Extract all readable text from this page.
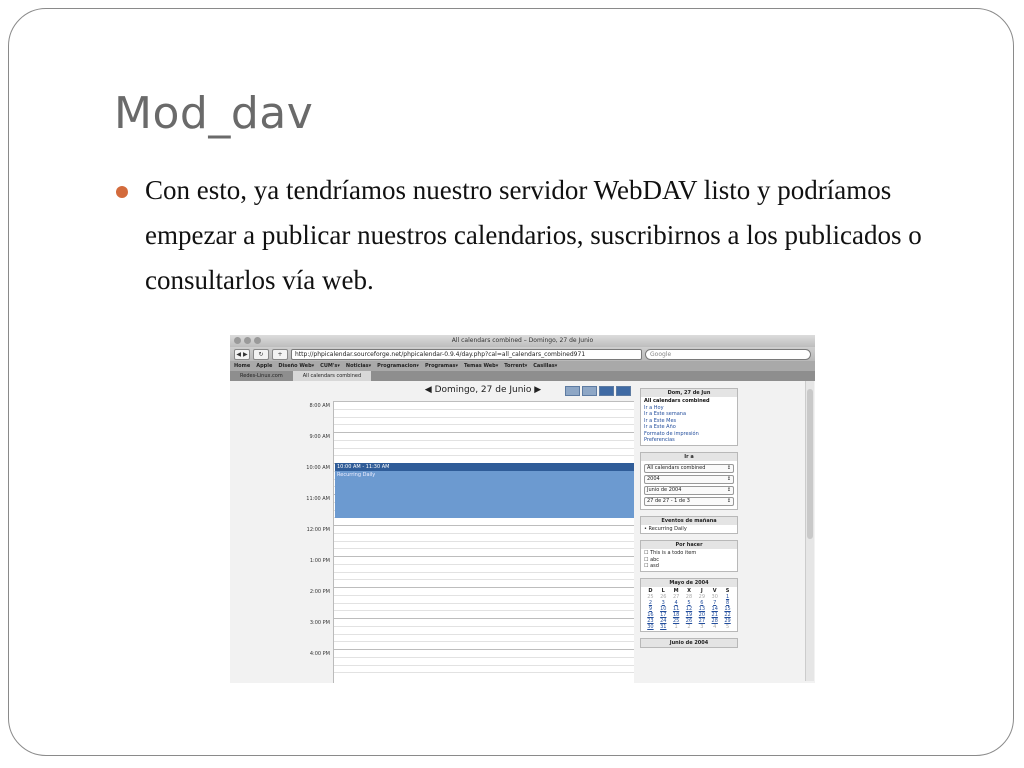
Mod_dav

Con esto, ya tendríamos nuestro servidor WebDAV listo y podríamos empezar a publicar nuestros calendarios, suscribirnos a los publicados o consultarlos vía web.

All calendars combined – Domingo, 27 de Junio
◀ ▶	↻	+	http://phpicalendar.sourceforge.net/phpicalendar-0.9.4/day.php?cal=all_calendars_combined971	Google
Home Apple Diseño Web▾ CUM's▾ Noticias▾ Programacion▾ Programas▾ Temas Web▾ Torrent▾ Casillas▾
Redes-Linux.com	All calendars combined
◀ Domingo, 27 de Junio ▶
8:00 AM
9:00 AM
10:00 AM
11:00 AM
12:00 PM
1:00 PM
2:00 PM
3:00 PM
4:00 PM
10:00 AM - 11:30 AM
Recurring Daily
Dom, 27 de Jun
All calendars combined
Ir a Hoy
Ir a Este semana
Ir a Este Mes
Ir a Este Año
Formato de impresión
Preferencias
Ir a
All calendars combined ↕
2004 ↕
Junio de 2004 ↕
27 de 27 - 1 de 3 ↕
Eventos de mañana
• Recurring Daily
Por hacer
☐ This is a todo item
☐ abc
☐ asd
Mayo de 2004
D	L	M	X	J	V	S
25	26	27	28	29	30	1
2	3	4	5	6	7	8
9	10	11	12	13	14	15
16	17	18	19	20	21	22
23	24	25	26	27	28	29
30	31	1	2	3	4	5
Junio de 2004
